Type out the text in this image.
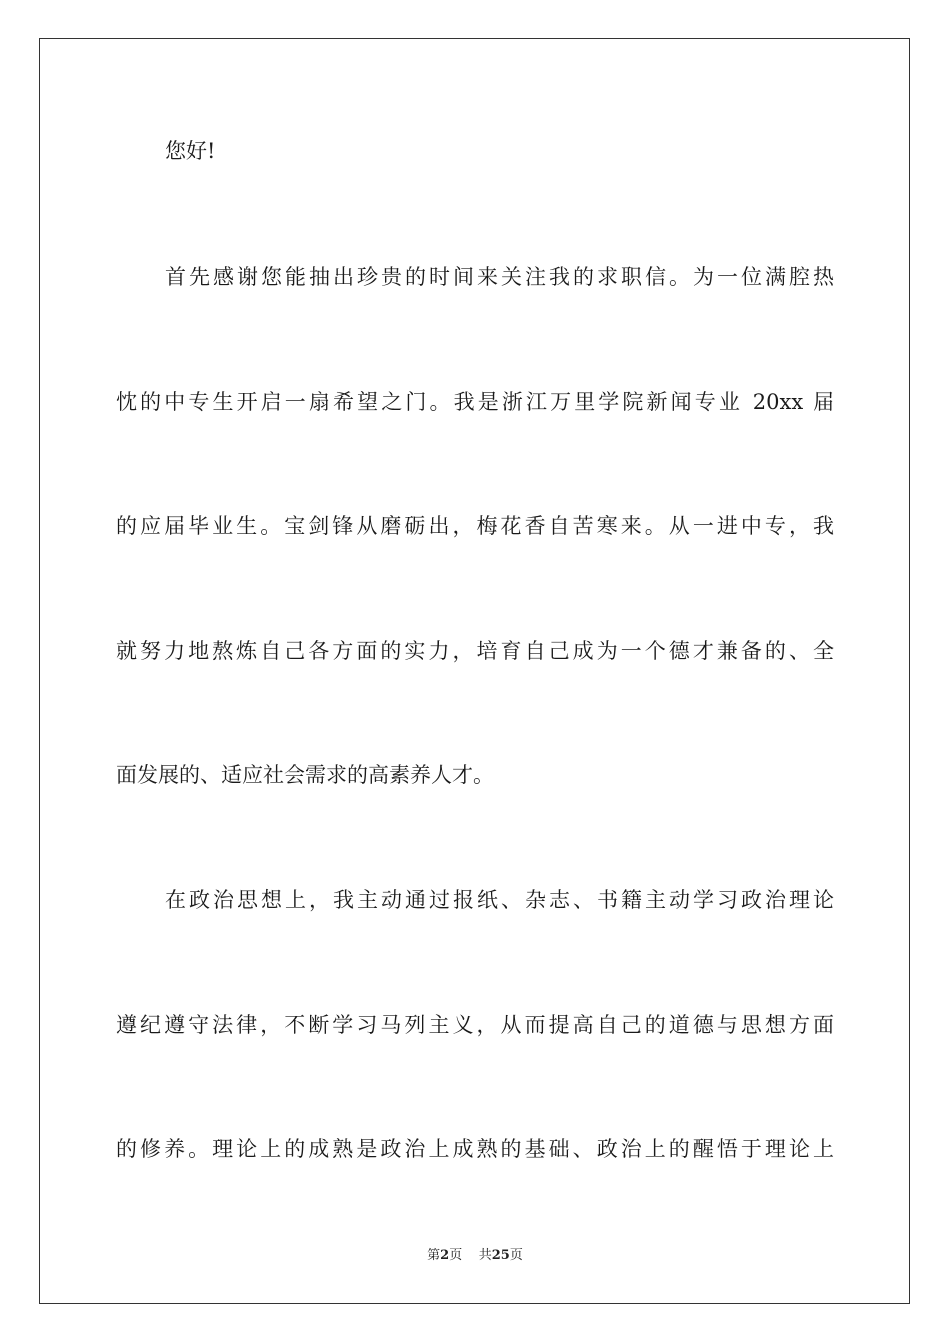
您好!
首先感谢您能抽出珍贵的时间来关注我的求职信。为一位满腔热
忱的中专生开启一扇希望之门。我是浙江万里学院新闻专业 20xx 届
的应届毕业生。宝剑锋从磨砺出，梅花香自苦寒来。从一进中专，我
就努力地熬炼自己各方面的实力，培育自己成为一个德才兼备的、全
面发展的、适应社会需求的高素养人才。
在政治思想上，我主动通过报纸、杂志、书籍主动学习政治理论
遵纪遵守法律，不断学习马列主义，从而提高自己的道德与思想方面
的修养。理论上的成熟是政治上成熟的基础、政治上的醒悟于理论上
第2页 共25页
